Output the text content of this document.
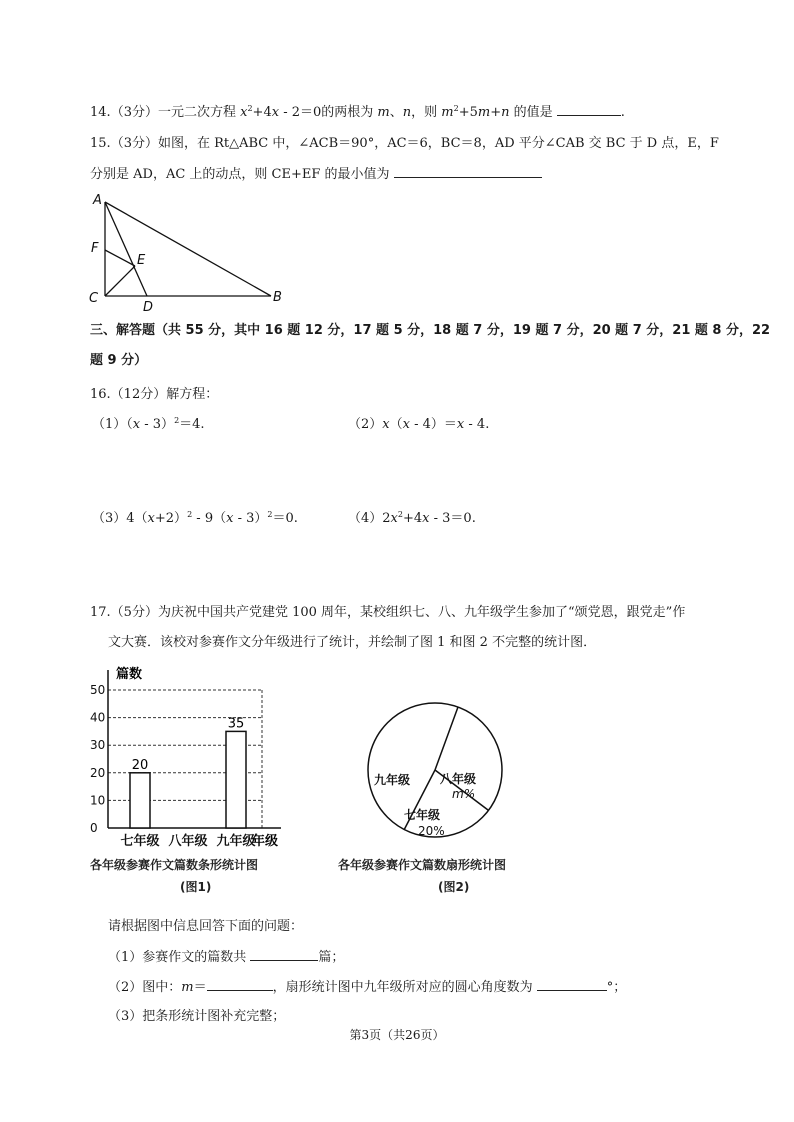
14.（3分）一元二次方程 $x^2+4x - 2=0$的两根为 m、n，则 $m^2+5m+n$ 的值是	.
15.（3分）如图，在 Rt△ABC 中，∠ACB＝90°，AC＝6，BC＝8，AD 平分∠CAB 交 BC 于 D 点，E，F
分别是 AD，AC 上的动点，则 CE+EF 的最小值为
A
F
E
C
D
B
三、解答题（共 55 分，其中 16 题 12 分，17 题 5 分，18 题 7 分，19 题 7 分，20 题 7 分，21 题 8 分，22
题 9 分）
16.（12分）解方程：
（1）（x - 3）$^2$＝4.	（2）x（x - 4）＝x - 4.
$(3)4(x+2)^2 - 9(x - 3)^2=0$.	$(4)2x^2+4x - 3=0$.
17.（5分）为庆祝中国共产党建党 100 周年，某校组织七、八、九年级学生参加了“颂党恩，跟党走”作
文大赛．该校对参赛作文分年级进行了统计，并绘制了图 1 和图 2 不完整的统计图．
篇数
0
10
20
30
40
50
20
35
七年级 八年级 九年级
年级
各年级参赛作文篇数条形统计图
(图1)
九年级 八年级
m%
七年级
20%
各年级参赛作文篇数扇形统计图
(图2)
请根据图中信息回答下面的问题：
（1）参赛作文的篇数共	篇；
（2）图中：m＝	，扇形统计图中九年级所对应的圆心角度数为	°；
（3）把条形统计图补充完整；
第3页（共26页）
